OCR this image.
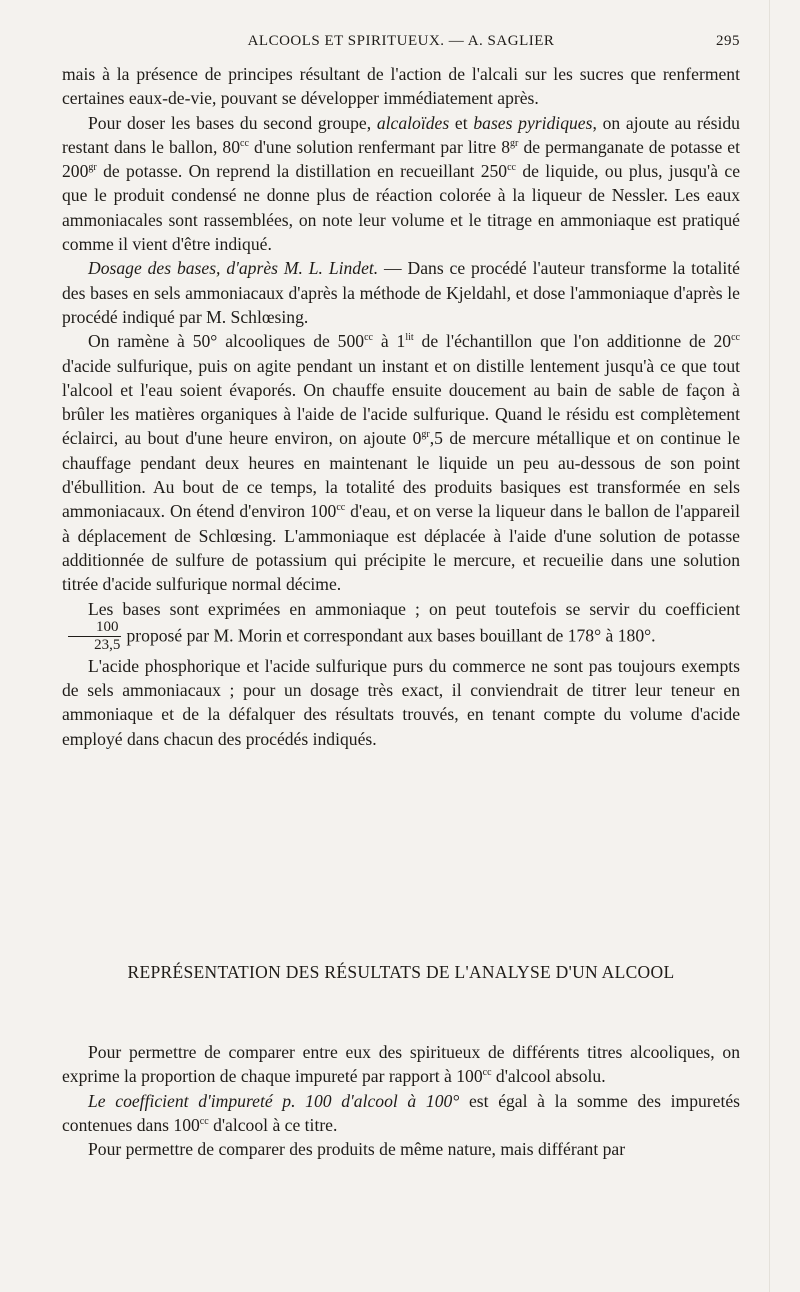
ALCOOLS ET SPIRITUEUX. — A. SAGLIER	295

mais à la présence de principes résultant de l'action de l'alcali sur les sucres que renferment certaines eaux-de-vie, pouvant se développer immédiatement après.

Pour doser les bases du second groupe, alcaloïdes et bases pyridiques, on ajoute au résidu restant dans le ballon, $80^{cc}$ d'une solution renfermant par litre $8^{gr}$ de permanganate de potasse et $200^{gr}$ de potasse. On reprend la distillation en recueillant $250^{cc}$ de liquide, ou plus, jusqu'à ce que le produit condensé ne donne plus de réaction colorée à la liqueur de Nessler. Les eaux ammoniacales sont rassemblées, on note leur volume et le titrage en ammoniaque est pratiqué comme il vient d'être indiqué.

Dosage des bases, d'après M. L. Lindet. — Dans ce procédé l'auteur transforme la totalité des bases en sels ammoniacaux d'après la méthode de Kjeldahl, et dose l'ammoniaque d'après le procédé indiqué par M. Schlœsing.

On ramène à 50° alcooliques de $500^{cc}$ à $1^{lit}$ de l'échantillon que l'on additionne de $20^{cc}$ d'acide sulfurique, puis on agite pendant un instant et on distille lentement jusqu'à ce que tout l'alcool et l'eau soient évaporés. On chauffe ensuite doucement au bain de sable de façon à brûler les matières organiques à l'aide de l'acide sulfurique. Quand le résidu est complètement éclairci, au bout d'une heure environ, on ajoute $0^{gr},5$ de mercure métallique et on continue le chauffage pendant deux heures en maintenant le liquide un peu au-dessous de son point d'ébullition. Au bout de ce temps, la totalité des produits basiques est transformée en sels ammoniacaux. On étend d'environ $100^{cc}$ d'eau, et on verse la liqueur dans le ballon de l'appareil à déplacement de Schlœsing. L'ammoniaque est déplacée à l'aide d'une solution de potasse additionnée de sulfure de potassium qui précipite le mercure, et recueilie dans une solution titrée d'acide sulfurique normal décime.

Les bases sont exprimées en ammoniaque ; on peut toutefois se servir du coefficient
$\frac{100}{23,5}$ proposé par M. Morin et correspondant aux bases bouillant de 178° à 180°.

L'acide phosphorique et l'acide sulfurique purs du commerce ne sont pas toujours exempts de sels ammoniacaux ; pour un dosage très exact, il conviendrait de titrer leur teneur en ammoniaque et de la défalquer des résultats trouvés, en tenant compte du volume d'acide employé dans chacun des procédés indiqués.

REPRÉSENTATION DES RÉSULTATS DE L'ANALYSE D'UN ALCOOL

Pour permettre de comparer entre eux des spiritueux de différents titres alcooliques, on exprime la proportion de chaque impureté par rapport à $100^{cc}$ d'alcool absolu.

Le coefficient d'impureté p. 100 d'alcool à 100° est égal à la somme des impuretés contenues dans $100^{cc}$ d'alcool à ce titre.

Pour permettre de comparer des produits de même nature, mais différant par
